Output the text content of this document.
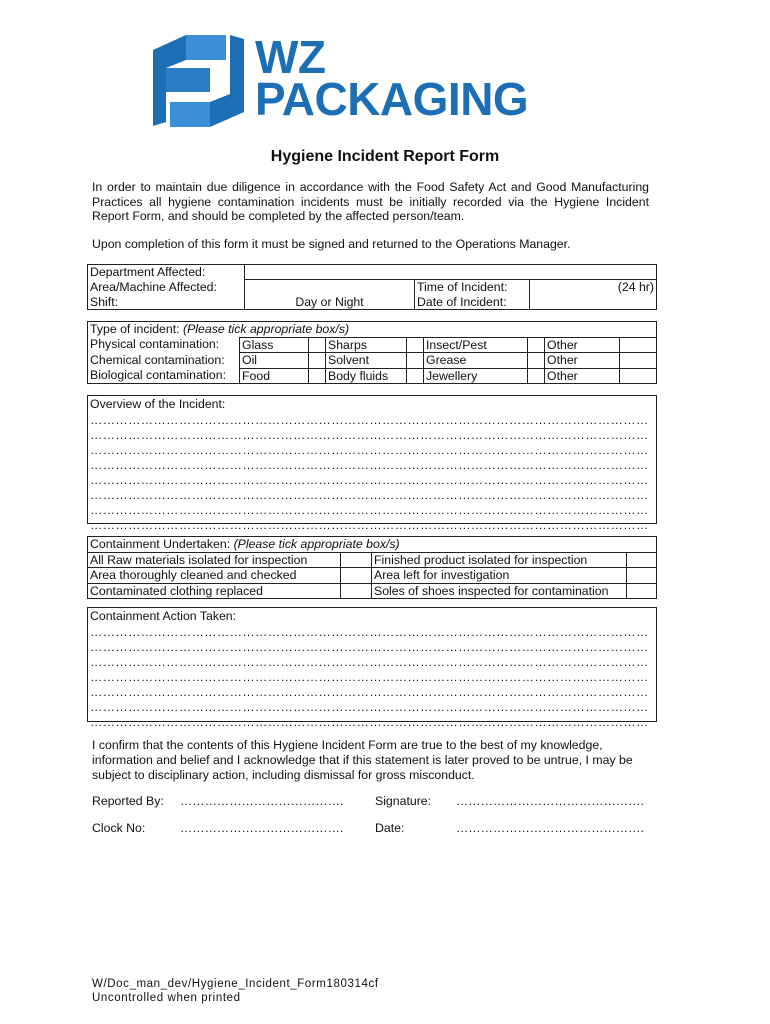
WZ
PACKAGING
Hygiene Incident Report Form
In order to maintain due diligence in accordance with the Food Safety Act and Good Manufacturing Practices all hygiene contamination incidents must be initially recorded via the Hygiene Incident Report Form, and should be completed by the affected person/team.
Upon completion of this form it must be signed and returned to the Operations Manager.
Department Affected:			
Area/Machine Affected:	Day or Night	Time of Incident:	(24 hr)
Shift:		Date of Incident:	
Type of incident: (Please tick appropriate box/s)								
Physical contamination:	Glass		Sharps		Insect/Pest		Other	
Chemical contamination:	Oil		Solvent		Grease		Other	
Biological contamination:	Food		Body fluids		Jewellery		Other	
Overview of the Incident:
……………………………………………………………………………………………………………………
……………………………………………………………………………………………………………………
……………………………………………………………………………………………………………………
……………………………………………………………………………………………………………………
……………………………………………………………………………………………………………………
……………………………………………………………………………………………………………………
……………………………………………………………………………………………………………………
……………………………………………………………………………………………………………………
Containment Undertaken: (Please tick appropriate box/s)			
All Raw materials isolated for inspection		Finished product isolated for inspection	
Area thoroughly cleaned and checked		Area left for investigation	
Contaminated clothing replaced		Soles of shoes inspected for contamination	
Containment Action Taken:
……………………………………………………………………………………………………………………
……………………………………………………………………………………………………………………
……………………………………………………………………………………………………………………
……………………………………………………………………………………………………………………
……………………………………………………………………………………………………………………
……………………………………………………………………………………………………………………
……………………………………………………………………………………………………………………
I confirm that the contents of this Hygiene Incident Form are true to the best of my knowledge, information and belief and I acknowledge that if this statement is later proved to be untrue, I may be subject to disciplinary action, including dismissal for gross misconduct.
Reported By: ………………………………….	Signature: ……………………………………….
Clock No:	………………………………….	Date:	……………………………………….
W/Doc_man_dev/Hygiene_Incident_Form180314cf
Uncontrolled when printed
